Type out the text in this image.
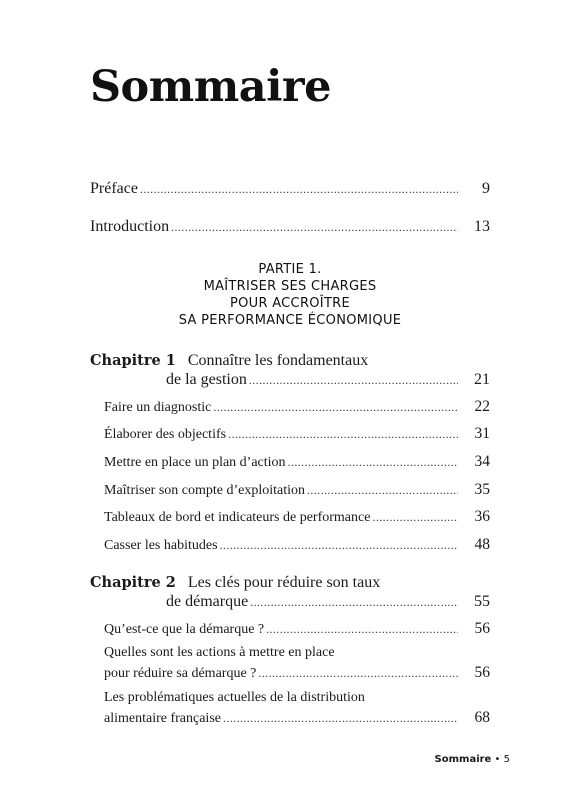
Sommaire
Préface .....	9
Introduction .....	13
PARTIE 1.
MAÎTRISER SES CHARGES
POUR ACCROÎTRE
SA PERFORMANCE ÉCONOMIQUE
Chapitre 1 Connaître les fondamentaux
de la gestion .....	21
Faire un diagnostic .....	22
Élaborer des objectifs .....	31
Mettre en place un plan d’action .....	34
Maîtriser son compte d’exploitation .....	35
Tableaux de bord et indicateurs de performance .....	36
Casser les habitudes .....	48
Chapitre 2 Les clés pour réduire son taux
de démarque .....	55
Qu’est-ce que la démarque ? .....	56
Quelles sont les actions à mettre en place
pour réduire sa démarque ? .....	56
Les problématiques actuelles de la distribution
alimentaire française .....	68
Sommaire • 5
